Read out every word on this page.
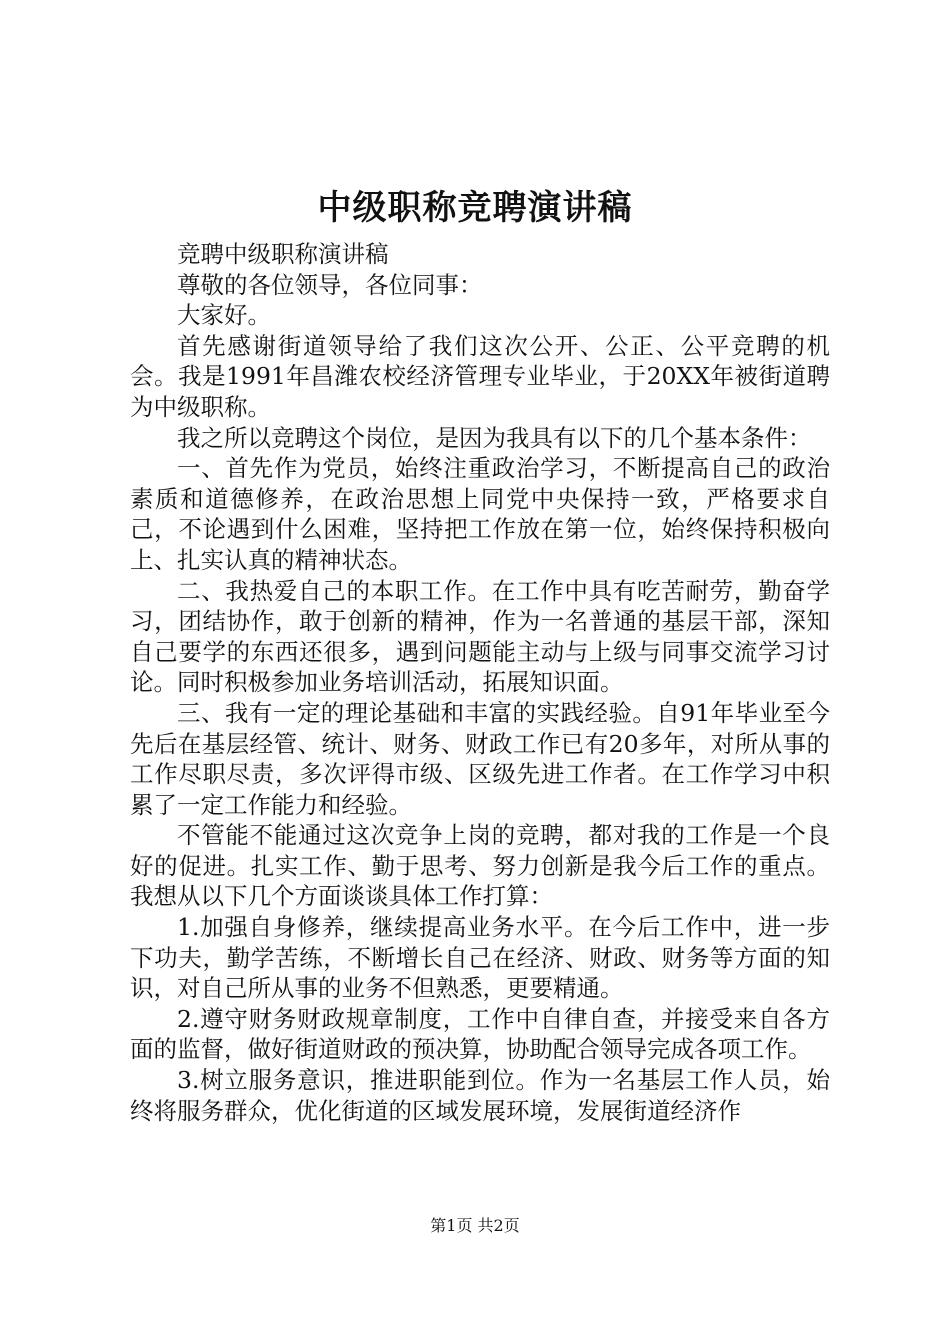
中级职称竞聘演讲稿

竞聘中级职称演讲稿

尊敬的各位领导，各位同事：

大家好。

首先感谢街道领导给了我们这次公开、公正、公平竞聘的机会。我是1991年昌潍农校经济管理专业毕业，于20XX年被街道聘为中级职称。

我之所以竞聘这个岗位，是因为我具有以下的几个基本条件：

一、首先作为党员，始终注重政治学习，不断提高自己的政治素质和道德修养，在政治思想上同党中央保持一致，严格要求自己，不论遇到什么困难，坚持把工作放在第一位，始终保持积极向上、扎实认真的精神状态。

二、我热爱自己的本职工作。在工作中具有吃苦耐劳，勤奋学习，团结协作，敢于创新的精神，作为一名普通的基层干部，深知自己要学的东西还很多，遇到问题能主动与上级与同事交流学习讨论。同时积极参加业务培训活动，拓展知识面。

三、我有一定的理论基础和丰富的实践经验。自91年毕业至今先后在基层经管、统计、财务、财政工作已有20多年，对所从事的工作尽职尽责，多次评得市级、区级先进工作者。在工作学习中积累了一定工作能力和经验。

不管能不能通过这次竞争上岗的竞聘，都对我的工作是一个良好的促进。扎实工作、勤于思考、努力创新是我今后工作的重点。我想从以下几个方面谈谈具体工作打算：

1.加强自身修养，继续提高业务水平。在今后工作中，进一步下功夫，勤学苦练，不断增长自己在经济、财政、财务等方面的知识，对自己所从事的业务不但熟悉，更要精通。

2.遵守财务财政规章制度，工作中自律自查，并接受来自各方面的监督，做好街道财政的预决算，协助配合领导完成各项工作。

3.树立服务意识，推进职能到位。作为一名基层工作人员，始终将服务群众，优化街道的区域发展环境，发展街道经济作

第1页 共2页
